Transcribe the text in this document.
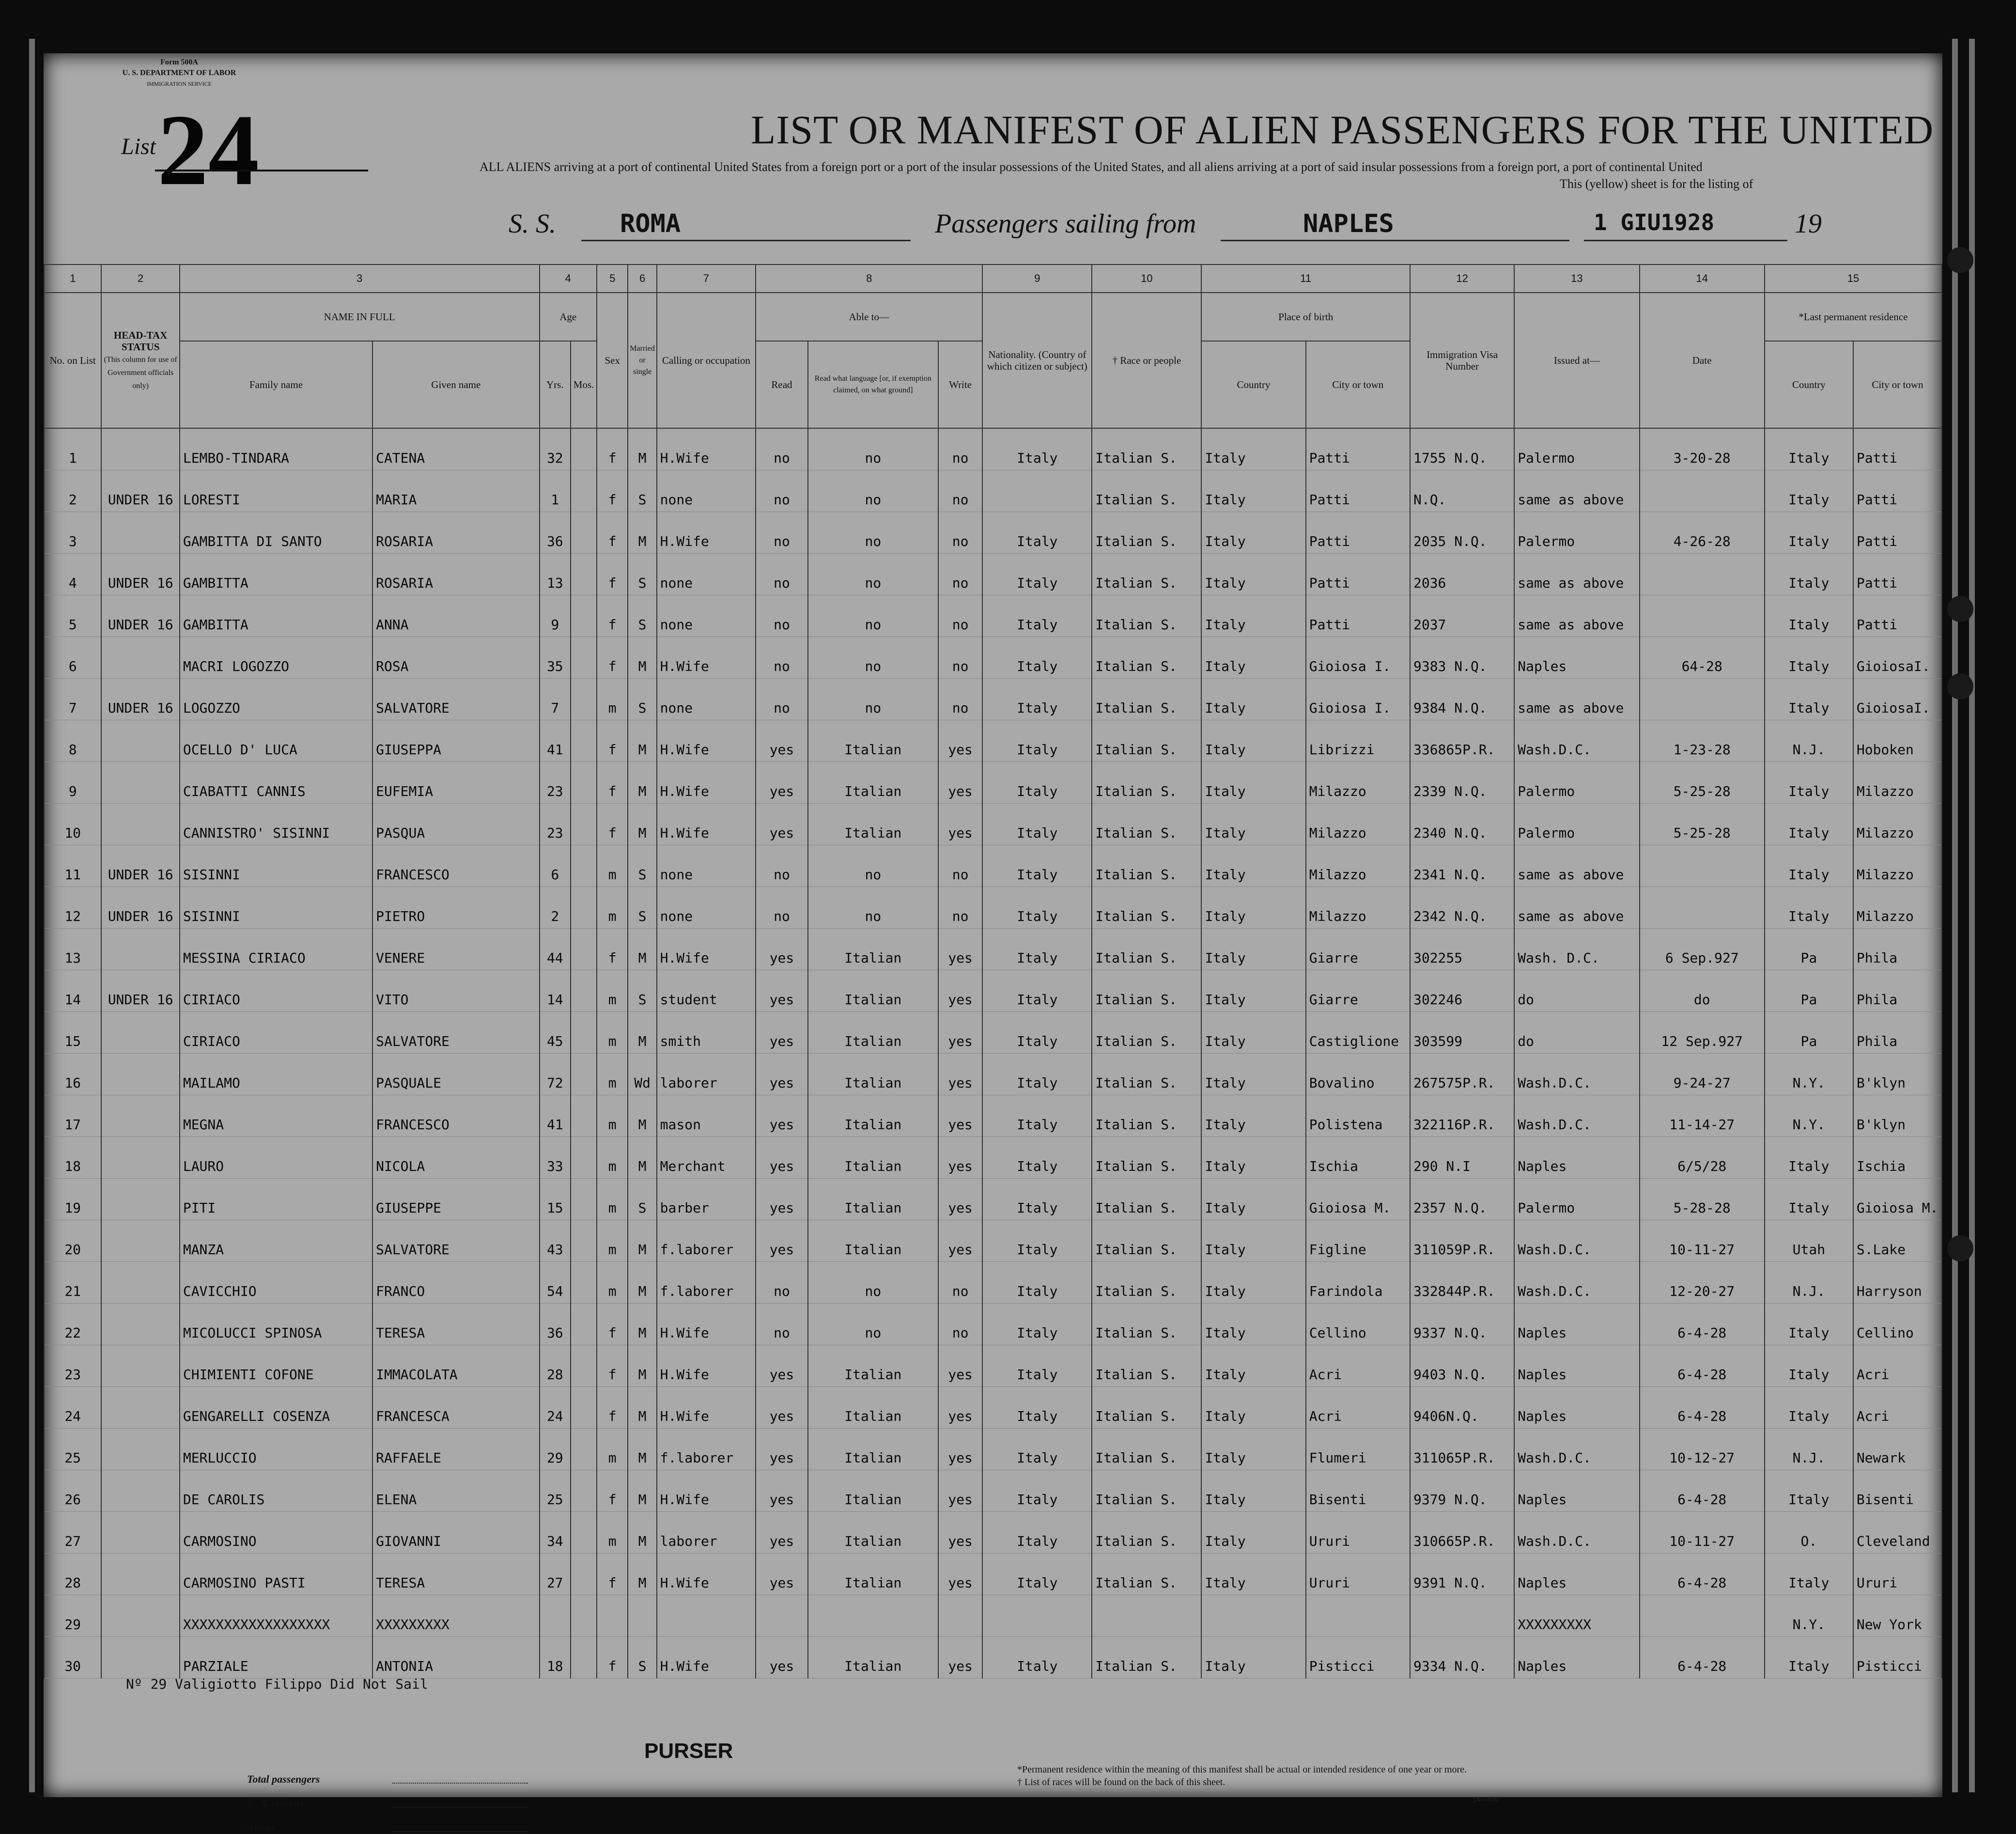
Form 500A
U. S. DEPARTMENT OF LABOR
IMMIGRATION SERVICE
List 24	LIST OR MANIFEST OF ALIEN PASSENGERS FOR THE UNITED
ALL ALIENS arriving at a port of continental United States from a foreign port or a port of the insular possessions of the United States, and all aliens arriving at a port of said insular possessions from a foreign port, a port of continental United
This (yellow) sheet is for the listing of
S. S.	ROMA	Passengers sailing from	NAPLES	1 GIU1928	19
1	2	3		4		5	6	7	8			9	10	11		12	13	14	15	
No. on List	HEAD-TAX STATUS
(This column for use of Government officials only)	NAME IN FULL		Age		Sex	Married or single	Calling or occupation	Able to—			Nationality. (Country of which citizen or subject)	† Race or people	Place of birth		Immigration Visa Number	Issued at—	Date	*Last permanent residence	
		Family name	Given name	Yrs.	Mos.				Read	Read what language [or, if exemption claimed, on what ground]	Write			Country	City or town				Country	City or town
1		LEMBO-TINDARA	CATENA	32		f	M	H.Wife	no	no	no	Italy	Italian S.	Italy	Patti	1755 N.Q.	Palermo	3-20-28	Italy	Patti
2	UNDER 16	LORESTI	MARIA	1		f	S	none	no	no	no		Italian S.	Italy	Patti	N.Q.	same as above		Italy	Patti
3		GAMBITTA DI SANTO	ROSARIA	36		f	M	H.Wife	no	no	no	Italy	Italian S.	Italy	Patti	2035 N.Q.	Palermo	4-26-28	Italy	Patti
4	UNDER 16	GAMBITTA	ROSARIA	13		f	S	none	no	no	no	Italy	Italian S.	Italy	Patti	2036	same as above		Italy	Patti
5	UNDER 16	GAMBITTA	ANNA	9		f	S	none	no	no	no	Italy	Italian S.	Italy	Patti	2037	same as above		Italy	Patti
6		MACRI LOGOZZO	ROSA	35		f	M	H.Wife	no	no	no	Italy	Italian S.	Italy	Gioiosa I.	9383 N.Q.	Naples	64-28	Italy	GioiosaI.
7	UNDER 16	LOGOZZO	SALVATORE	7		m	S	none	no	no	no	Italy	Italian S.	Italy	Gioiosa I.	9384 N.Q.	same as above		Italy	GioiosaI.
8		OCELLO D' LUCA	GIUSEPPA	41		f	M	H.Wife	yes	Italian	yes	Italy	Italian S.	Italy	Librizzi	336865P.R.	Wash.D.C.	1-23-28	N.J.	Hoboken
9		CIABATTI CANNIS	EUFEMIA	23		f	M	H.Wife	yes	Italian	yes	Italy	Italian S.	Italy	Milazzo	2339 N.Q.	Palermo	5-25-28	Italy	Milazzo
10		CANNISTRO' SISINNI	PASQUA	23		f	M	H.Wife	yes	Italian	yes	Italy	Italian S.	Italy	Milazzo	2340 N.Q.	Palermo	5-25-28	Italy	Milazzo
11	UNDER 16	SISINNI	FRANCESCO	6		m	S	none	no	no	no	Italy	Italian S.	Italy	Milazzo	2341 N.Q.	same as above		Italy	Milazzo
12	UNDER 16	SISINNI	PIETRO	2		m	S	none	no	no	no	Italy	Italian S.	Italy	Milazzo	2342 N.Q.	same as above		Italy	Milazzo
13		MESSINA CIRIACO	VENERE	44		f	M	H.Wife	yes	Italian	yes	Italy	Italian S.	Italy	Giarre	302255	Wash. D.C.	6 Sep.927	Pa	Phila
14	UNDER 16	CIRIACO	VITO	14		m	S	student	yes	Italian	yes	Italy	Italian S.	Italy	Giarre	302246	do	do	Pa	Phila
15		CIRIACO	SALVATORE	45		m	M	smith	yes	Italian	yes	Italy	Italian S.	Italy	Castiglione	303599	do	12 Sep.927	Pa	Phila
16		MAILAMO	PASQUALE	72		m	Wd	laborer	yes	Italian	yes	Italy	Italian S.	Italy	Bovalino	267575P.R.	Wash.D.C.	9-24-27	N.Y.	B'klyn
17		MEGNA	FRANCESCO	41		m	M	mason	yes	Italian	yes	Italy	Italian S.	Italy	Polistena	322116P.R.	Wash.D.C.	11-14-27	N.Y.	B'klyn
18		LAURO	NICOLA	33		m	M	Merchant	yes	Italian	yes	Italy	Italian S.	Italy	Ischia	290 N.I	Naples	6/5/28	Italy	Ischia
19		PITI	GIUSEPPE	15		m	S	barber	yes	Italian	yes	Italy	Italian S.	Italy	Gioiosa M.	2357 N.Q.	Palermo	5-28-28	Italy	Gioiosa M.
20		MANZA	SALVATORE	43		m	M	f.laborer	yes	Italian	yes	Italy	Italian S.	Italy	Figline	311059P.R.	Wash.D.C.	10-11-27	Utah	S.Lake
21		CAVICCHIO	FRANCO	54		m	M	f.laborer	no	no	no	Italy	Italian S.	Italy	Farindola	332844P.R.	Wash.D.C.	12-20-27	N.J.	Harryson
22		MICOLUCCI SPINOSA	TERESA	36		f	M	H.Wife	no	no	no	Italy	Italian S.	Italy	Cellino	9337 N.Q.	Naples	6-4-28	Italy	Cellino
23		CHIMIENTI COFONE	IMMACOLATA	28		f	M	H.Wife	yes	Italian	yes	Italy	Italian S.	Italy	Acri	9403 N.Q.	Naples	6-4-28	Italy	Acri
24		GENGARELLI COSENZA	FRANCESCA	24		f	M	H.Wife	yes	Italian	yes	Italy	Italian S.	Italy	Acri	9406N.Q.	Naples	6-4-28	Italy	Acri
25		MERLUCCIO	RAFFAELE	29		m	M	f.laborer	yes	Italian	yes	Italy	Italian S.	Italy	Flumeri	311065P.R.	Wash.D.C.	10-12-27	N.J.	Newark
26		DE CAROLIS	ELENA	25		f	M	H.Wife	yes	Italian	yes	Italy	Italian S.	Italy	Bisenti	9379 N.Q.	Naples	6-4-28	Italy	Bisenti
27		CARMOSINO	GIOVANNI	34		m	M	laborer	yes	Italian	yes	Italy	Italian S.	Italy	Ururi	310665P.R.	Wash.D.C.	10-11-27	O.	Cleveland
28		CARMOSINO PASTI	TERESA	27		f	M	H.Wife	yes	Italian	yes	Italy	Italian S.	Italy	Ururi	9391 N.Q.	Naples	6-4-28	Italy	Ururi
29		XXXXXXXXXXXXXXXXXX	XXXXXXXXX														XXXXXXXXX		N.Y.	New York
30		PARZIALE	ANTONIA	18		f	S	H.Wife	yes	Italian	yes	Italy	Italian S.	Italy	Pisticci	9334 N.Q.	Naples	6-4-28	Italy	Pisticci
Nº 29 Valigiotto Filippo Did Not Sail
PURSER
Total passengers
U. S. citizens
Aliens
*Permanent residence within the meaning of this manifest shall be actual or intended residence of one year or more.
† List of races will be found on the back of this sheet.
14—450
